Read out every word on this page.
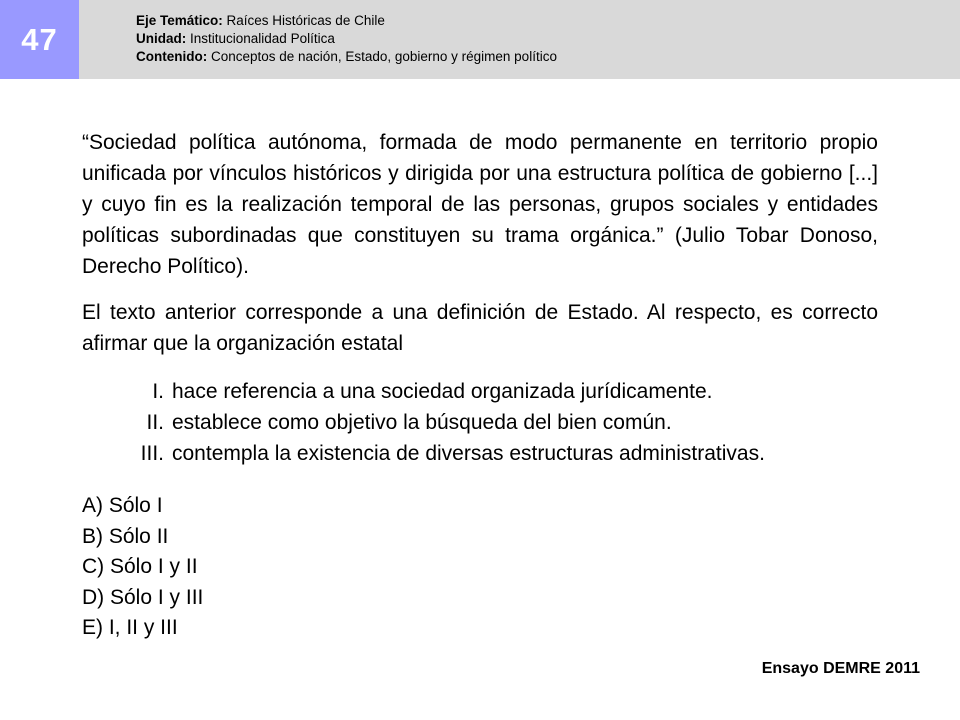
47
Eje Temático: Raíces Históricas de Chile
Unidad: Institucionalidad Política
Contenido: Conceptos de nación, Estado, gobierno y régimen político

“Sociedad política autónoma, formada de modo permanente en territorio propio unificada por vínculos históricos y dirigida por una estructura política de gobierno [...] y cuyo fin es la realización temporal de las personas, grupos sociales y entidades políticas subordinadas que constituyen su trama orgánica.” (Julio Tobar Donoso, Derecho Político).

El texto anterior corresponde a una definición de Estado. Al respecto, es correcto afirmar que la organización estatal

I. hace referencia a una sociedad organizada jurídicamente.
II. establece como objetivo la búsqueda del bien común.
III. contempla la existencia de diversas estructuras administrativas.

A) Sólo I

B) Sólo II

C) Sólo I y II

D) Sólo I y III

E) I, II y III

Ensayo DEMRE 2011
